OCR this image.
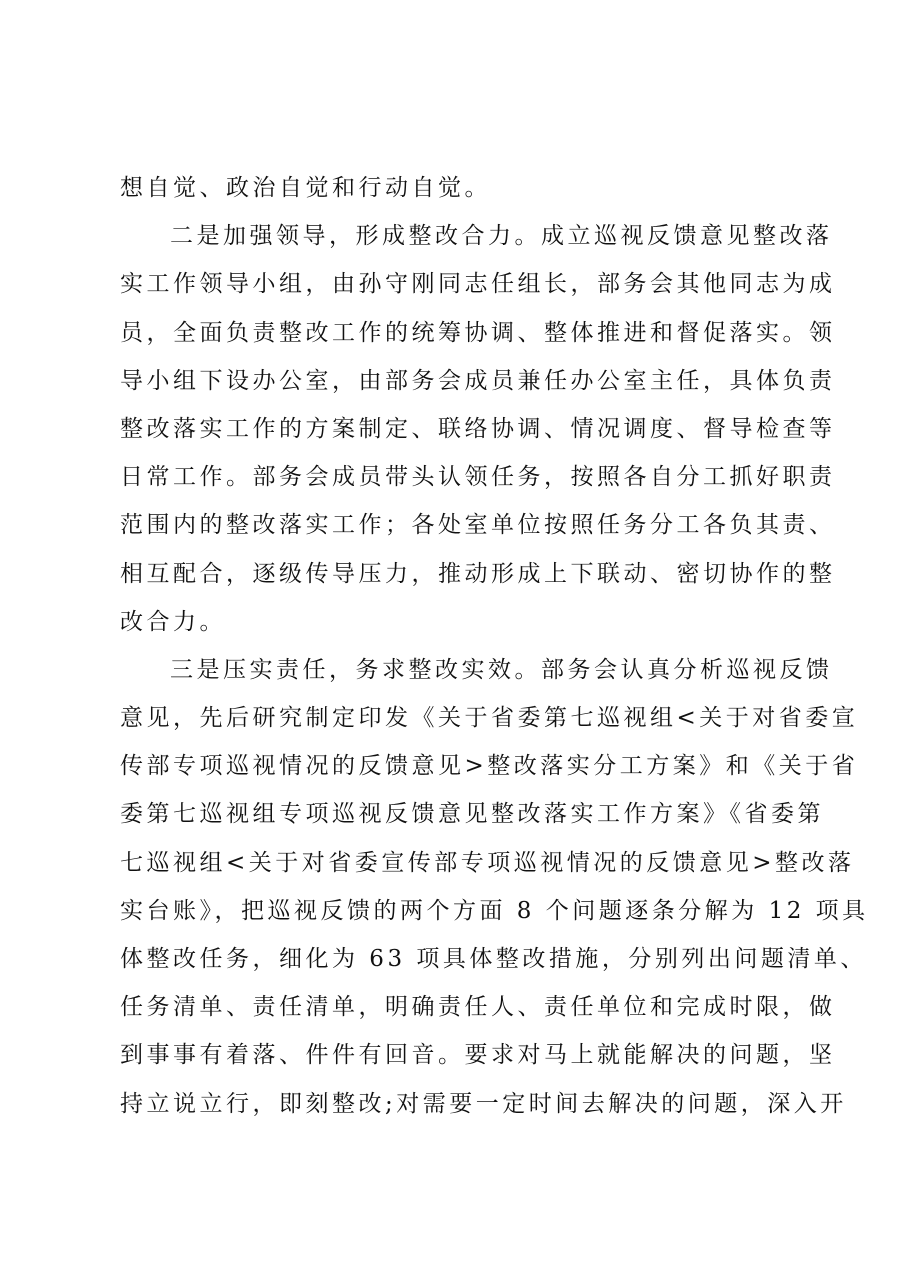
想自觉、政治自觉和行动自觉。
二是加强领导，形成整改合力。成立巡视反馈意见整改落
实工作领导小组，由孙守刚同志任组长，部务会其他同志为成
员，全面负责整改工作的统筹协调、整体推进和督促落实。领
导小组下设办公室，由部务会成员兼任办公室主任，具体负责
整改落实工作的方案制定、联络协调、情况调度、督导检查等
日常工作。部务会成员带头认领任务，按照各自分工抓好职责
范围内的整改落实工作；各处室单位按照任务分工各负其责、
相互配合，逐级传导压力，推动形成上下联动、密切协作的整
改合力。
三是压实责任，务求整改实效。部务会认真分析巡视反馈
意见，先后研究制定印发《关于省委第七巡视组<关于对省委宣
传部专项巡视情况的反馈意见>整改落实分工方案》和《关于省
委第七巡视组专项巡视反馈意见整改落实工作方案》《省委第
七巡视组<关于对省委宣传部专项巡视情况的反馈意见>整改落
实台账》，把巡视反馈的两个方面 8 个问题逐条分解为 12 项具
体整改任务，细化为 63 项具体整改措施，分别列出问题清单、
任务清单、责任清单，明确责任人、责任单位和完成时限，做
到事事有着落、件件有回音。要求对马上就能解决的问题，坚
持立说立行，即刻整改;对需要一定时间去解决的问题，深入开
